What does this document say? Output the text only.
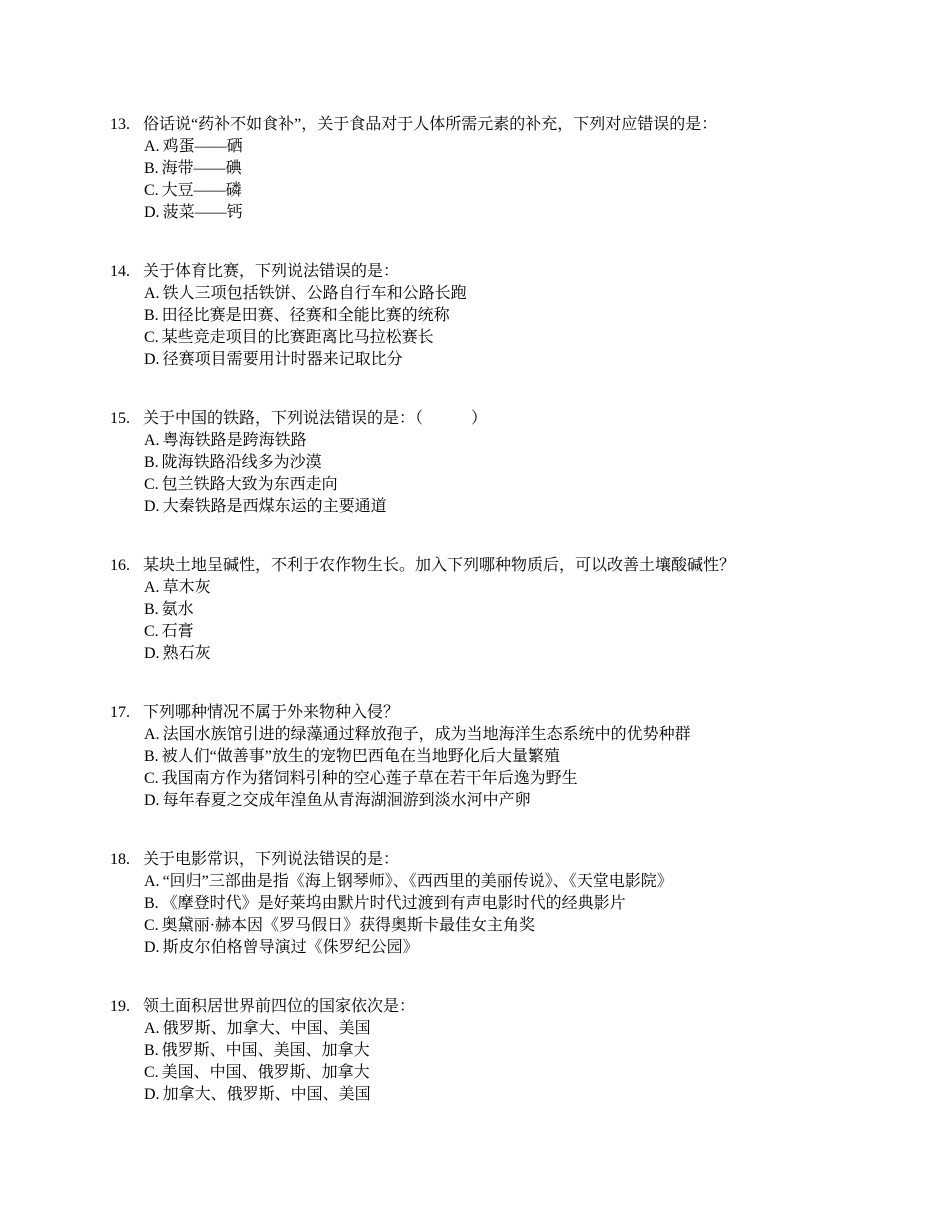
13. 俗话说“药补不如食补”，关于食品对于人体所需元素的补充，下列对应错误的是：
A. 鸡蛋——硒
B. 海带——碘
C. 大豆——磷
D. 菠菜——钙
14. 关于体育比赛，下列说法错误的是：
A. 铁人三项包括铁饼、公路自行车和公路长跑
B. 田径比赛是田赛、径赛和全能比赛的统称
C. 某些竞走项目的比赛距离比马拉松赛长
D. 径赛项目需要用计时器来记取比分
15. 关于中国的铁路，下列说法错误的是：（　　　）
A. 粤海铁路是跨海铁路
B. 陇海铁路沿线多为沙漠
C. 包兰铁路大致为东西走向
D. 大秦铁路是西煤东运的主要通道
16. 某块土地呈碱性，不利于农作物生长。加入下列哪种物质后，可以改善土壤酸碱性？
A. 草木灰
B. 氨水
C. 石膏
D. 熟石灰
17. 下列哪种情况不属于外来物种入侵？
A. 法国水族馆引进的绿藻通过释放孢子，成为当地海洋生态系统中的优势种群
B. 被人们“做善事”放生的宠物巴西龟在当地野化后大量繁殖
C. 我国南方作为猪饲料引种的空心莲子草在若干年后逸为野生
D. 每年春夏之交成年湟鱼从青海湖洄游到淡水河中产卵
18. 关于电影常识，下列说法错误的是：
A. “回归”三部曲是指《海上钢琴师》、《西西里的美丽传说》、《天堂电影院》
B. 《摩登时代》是好莱坞由默片时代过渡到有声电影时代的经典影片
C. 奥黛丽·赫本因《罗马假日》获得奥斯卡最佳女主角奖
D. 斯皮尔伯格曾导演过《侏罗纪公园》
19. 领土面积居世界前四位的国家依次是：
A. 俄罗斯、加拿大、中国、美国
B. 俄罗斯、中国、美国、加拿大
C. 美国、中国、俄罗斯、加拿大
D. 加拿大、俄罗斯、中国、美国
